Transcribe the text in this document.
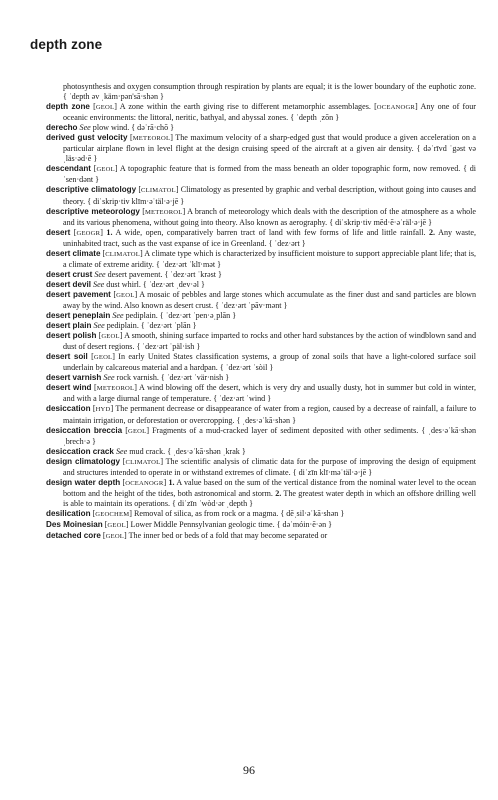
depth zone

photosynthesis and oxygen consumption through respiration by plants are equal; it is the lower boundary of the euphotic zone. { ˈdepth əv ˌkäm·pən'sā·shən }

depth zone [GEOL] A zone within the earth giving rise to different metamorphic assemblages. [OCEANOGR] Any one of four oceanic environments: the littoral, neritic, bathyal, and abyssal zones. { ˈdepth ˌzōn }

derecho See plow wind. { dəˈrā·chō }

derived gust velocity [METEOROL] The maximum velocity of a sharp-edged gust that would produce a given acceleration on a particular airplane flown in level flight at the design cruising speed of the aircraft at a given air density. { dəˈrīvd ˈgəst vəˌläs·əd·ē }

descendant [GEOL] A topographic feature that is formed from the mass beneath an older topographic form, now removed. { diˈsen·dənt }

descriptive climatology [CLIMATOL] Climatology as presented by graphic and verbal description, without going into causes and theory. { diˈskrip·tiv klīm·əˈtäl·ə·jē }

descriptive meteorology [METEOROL] A branch of meteorology which deals with the description of the atmosphere as a whole and its various phenomena, without going into theory. Also known as aerography. { diˈskrip·tiv mēd·ē·əˈräl·ə·jē }

desert [GEOGR] 1. A wide, open, comparatively barren tract of land with few forms of life and little rainfall. 2. Any waste, uninhabited tract, such as the vast expanse of ice in Greenland. { ˈdez·ərt }

desert climate [CLIMATOL] A climate type which is characterized by insufficient moisture to support appreciable plant life; that is, a climate of extreme aridity. { ˈdez·ərt ˈklī·mət }

desert crust See desert pavement. { ˈdez·ərt ˈkrəst }

desert devil See dust whirl. { ˈdez·ərt ˌdev·əl }

desert pavement [GEOL] A mosaic of pebbles and large stones which accumulate as the finer dust and sand particles are blown away by the wind. Also known as desert crust. { ˈdez·ərt ˈpāv·mənt }

desert peneplain See pediplain. { ˈdez·ərt ˈpen·əˌplān }

desert plain See pediplain. { ˈdez·ərt ˈplān }

desert polish [GEOL] A smooth, shining surface imparted to rocks and other hard substances by the action of windblown sand and dust of desert regions. { ˈdez·ərt ˈpäl·ish }

desert soil [GEOL] In early United States classification systems, a group of zonal soils that have a light-colored surface soil underlain by calcareous material and a hardpan. { ˈdez·ərt ˈsòil }

desert varnish See rock varnish. { ˈdez·ərt ˈvär·nish }

desert wind [METEOROL] A wind blowing off the desert, which is very dry and usually dusty, hot in summer but cold in winter, and with a large diurnal range of temperature. { ˈdez·ərt ˈwind }

desiccation [HYD] The permanent decrease or disappearance of water from a region, caused by a decrease of rainfall, a failure to maintain irrigation, or deforestation or overcropping. { ˌdes·əˈkā·shən }

desiccation breccia [GEOL] Fragments of a mud-cracked layer of sediment deposited with other sediments. { ˌdes·əˈkā·shən ˌbrech·ə }

desiccation crack See mud crack. { ˌdes·əˈkā·shən ˌkrak }

design climatology [CLIMATOL] The scientific analysis of climatic data for the purpose of improving the design of equipment and structures intended to operate in or withstand extremes of climate. { diˈzīn klī·məˈtäl·ə·jē }

design water depth [OCEANOGR] 1. A value based on the sum of the vertical distance from the nominal water level to the ocean bottom and the height of the tides, both astronomical and storm. 2. The greatest water depth in which an offshore drilling well is able to maintain its operations. { diˈzīn ˈwòd·ər ˌdepth }

desilication [GEOCHEM] Removal of silica, as from rock or a magma. { dēˌsil·əˈkā·shən }

Des Moinesian [GEOL] Lower Middle Pennsylvanian geologic time. { dəˈmóin·ē·ən }

detached core [GEOL] The inner bed or beds of a fold that may become separated or

96
